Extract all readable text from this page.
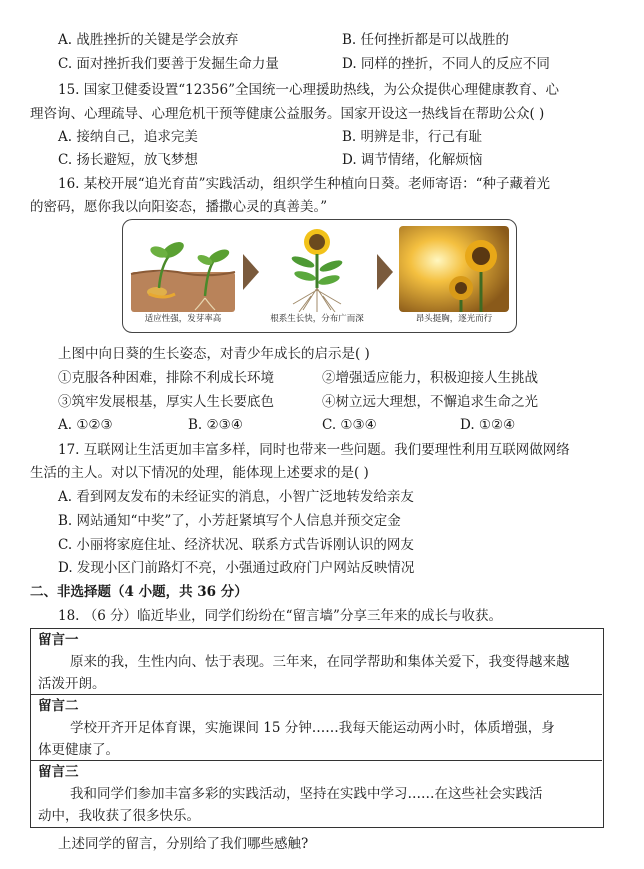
A. 战胜挫折的关键是学会放弃	B. 任何挫折都是可以战胜的
C. 面对挫折我们要善于发掘生命力量	D. 同样的挫折，不同人的反应不同
15. 国家卫健委设置“12356”全国统一心理援助热线，为公众提供心理健康教育、心
理咨询、心理疏导、心理危机干预等健康公益服务。国家开设这一热线旨在帮助公众( )
A. 接纳自己，追求完美	B. 明辨是非，行己有耻
C. 扬长避短，放飞梦想	D. 调节情绪，化解烦恼
16. 某校开展“追光育苗”实践活动，组织学生种植向日葵。老师寄语：“种子藏着光
的密码，愿你我以向阳姿态，播撒心灵的真善美。”
适应性强，发芽率高	根系生长快，分布广而深	昂头挺胸，逐光而行
上图中向日葵的生长姿态，对青少年成长的启示是( )
①克服各种困难，排除不利成长环境	②增强适应能力，积极迎接人生挑战
③筑牢发展根基，厚实人生长要底色	④树立远大理想，不懈追求生命之光
A. ①②③	B. ②③④	C. ①③④	D. ①②④
17. 互联网让生活更加丰富多样，同时也带来一些问题。我们要理性利用互联网做网络
生活的主人。对以下情况的处理，能体现上述要求的是( )
A. 看到网友发布的未经证实的消息，小智广泛地转发给亲友
B. 网站通知“中奖”了，小芳赶紧填写个人信息并预交定金
C. 小丽将家庭住址、经济状况、联系方式告诉刚认识的网友
D. 发现小区门前路灯不亮，小强通过政府门户网站反映情况
二、非选择题（4 小题，共 36 分）
18. （6 分）临近毕业，同学们纷纷在“留言墙”分享三年来的成长与收获。
留言一
原来的我，生性内向、怯于表现。三年来，在同学帮助和集体关爱下，我变得越来越
活泼开朗。
留言二
学校开齐开足体育课，实施课间 15 分钟……我每天能运动两小时，体质增强，身
体更健康了。
留言三
我和同学们参加丰富多彩的实践活动，坚持在实践中学习……在这些社会实践活
动中，我收获了很多快乐。
上述同学的留言，分别给了我们哪些感触?
